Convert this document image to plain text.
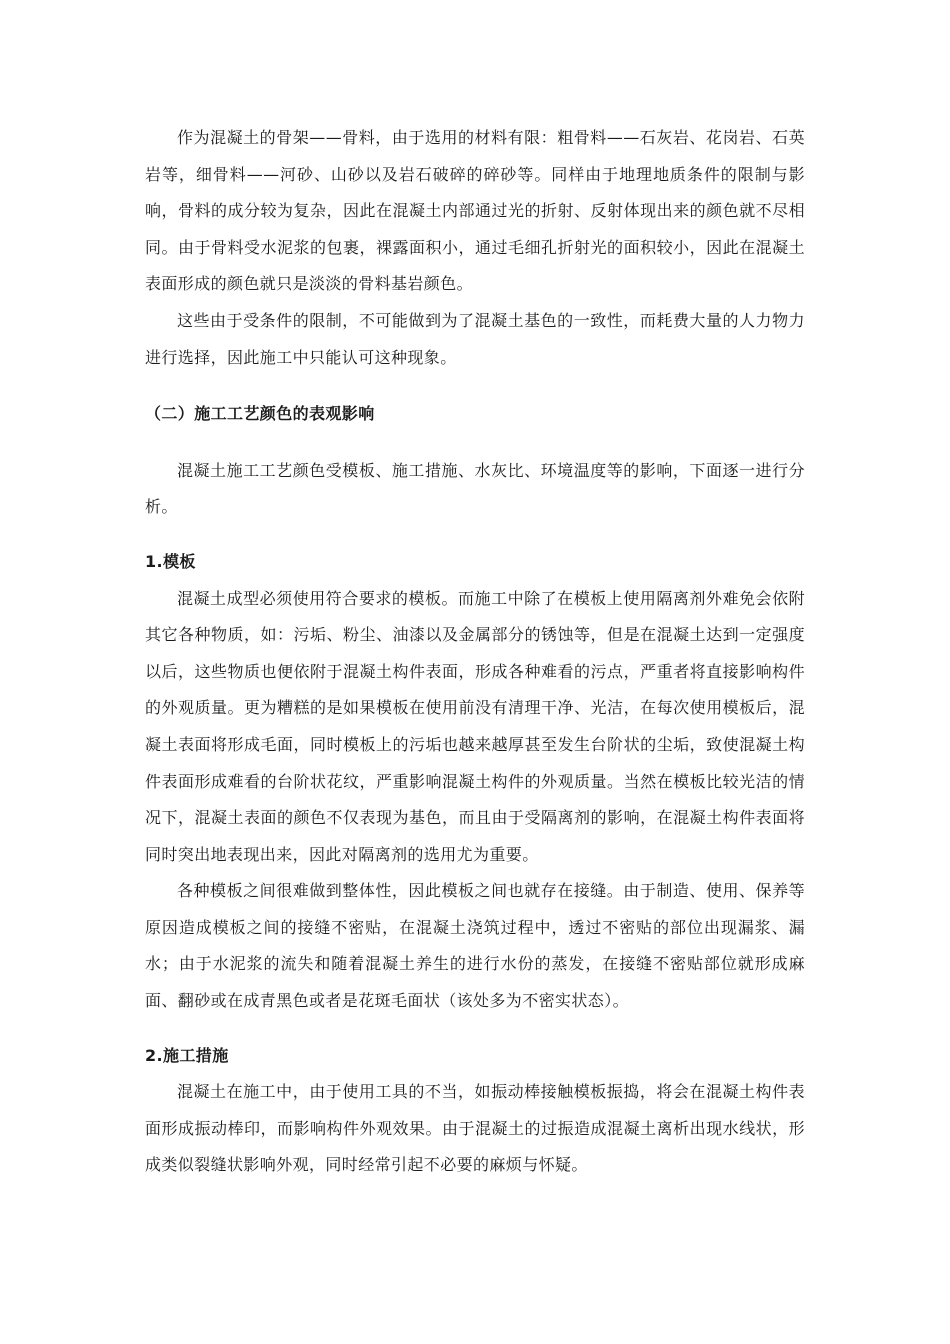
作为混凝土的骨架——骨料，由于选用的材料有限：粗骨料——石灰岩、花岗岩、石英岩等，细骨料——河砂、山砂以及岩石破碎的碎砂等。同样由于地理地质条件的限制与影响，骨料的成分较为复杂，因此在混凝土内部通过光的折射、反射体现出来的颜色就不尽相同。由于骨料受水泥浆的包裹，裸露面积小，通过毛细孔折射光的面积较小，因此在混凝土表面形成的颜色就只是淡淡的骨料基岩颜色。

这些由于受条件的限制，不可能做到为了混凝土基色的一致性，而耗费大量的人力物力进行选择，因此施工中只能认可这种现象。

（二）施工工艺颜色的表观影响

混凝土施工工艺颜色受模板、施工措施、水灰比、环境温度等的影响，下面逐一进行分析。

1.模板

混凝土成型必须使用符合要求的模板。而施工中除了在模板上使用隔离剂外难免会依附其它各种物质，如：污垢、粉尘、油漆以及金属部分的锈蚀等，但是在混凝土达到一定强度以后，这些物质也便依附于混凝土构件表面，形成各种难看的污点，严重者将直接影响构件的外观质量。更为糟糕的是如果模板在使用前没有清理干净、光洁，在每次使用模板后，混凝土表面将形成毛面，同时模板上的污垢也越来越厚甚至发生台阶状的尘垢，致使混凝土构件表面形成难看的台阶状花纹，严重影响混凝土构件的外观质量。当然在模板比较光洁的情况下，混凝土表面的颜色不仅表现为基色，而且由于受隔离剂的影响，在混凝土构件表面将同时突出地表现出来，因此对隔离剂的选用尤为重要。

各种模板之间很难做到整体性，因此模板之间也就存在接缝。由于制造、使用、保养等原因造成模板之间的接缝不密贴，在混凝土浇筑过程中，透过不密贴的部位出现漏浆、漏水；由于水泥浆的流失和随着混凝土养生的进行水份的蒸发，在接缝不密贴部位就形成麻面、翻砂或在成青黑色或者是花斑毛面状（该处多为不密实状态）。

2.施工措施

混凝土在施工中，由于使用工具的不当，如振动棒接触模板振捣，将会在混凝土构件表面形成振动棒印，而影响构件外观效果。由于混凝土的过振造成混凝土离析出现水线状，形成类似裂缝状影响外观，同时经常引起不必要的麻烦与怀疑。
